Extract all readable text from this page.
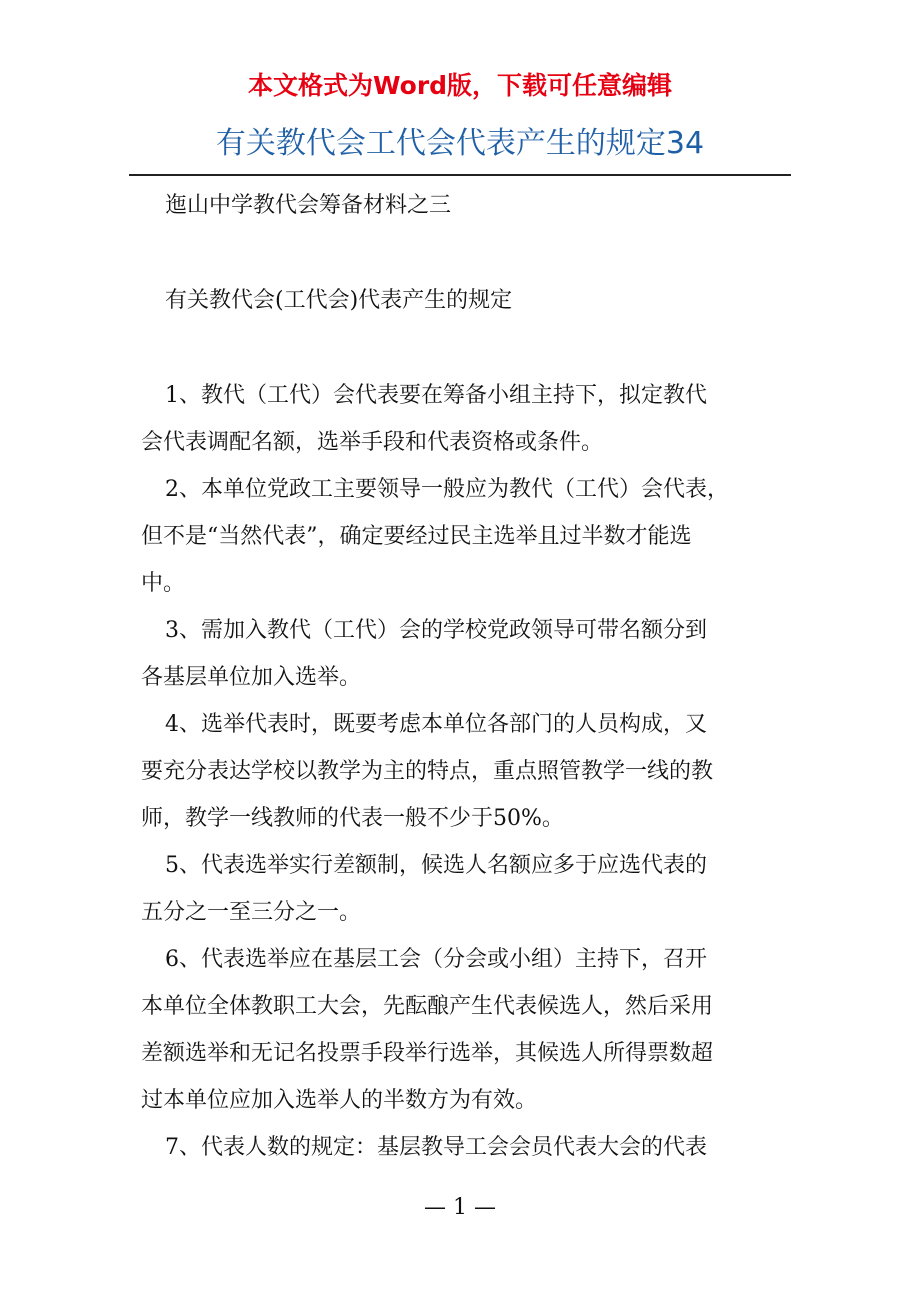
本文格式为Word版，下载可任意编辑
有关教代会工代会代表产生的规定34

迤山中学教代会筹备材料之三

有关教代会(工代会)代表产生的规定

1、教代（工代）会代表要在筹备小组主持下，拟定教代

会代表调配名额，选举手段和代表资格或条件。

2、本单位党政工主要领导一般应为教代（工代）会代表，

但不是“当然代表”，确定要经过民主选举且过半数才能选

中。

3、需加入教代（工代）会的学校党政领导可带名额分到

各基层单位加入选举。

4、选举代表时，既要考虑本单位各部门的人员构成，又

要充分表达学校以教学为主的特点，重点照管教学一线的教

师，教学一线教师的代表一般不少于50%。

5、代表选举实行差额制，候选人名额应多于应选代表的

五分之一至三分之一。

6、代表选举应在基层工会（分会或小组）主持下，召开

本单位全体教职工大会，先酝酿产生代表候选人，然后采用

差额选举和无记名投票手段举行选举，其候选人所得票数超

过本单位应加入选举人的半数方为有效。

7、代表人数的规定：基层教导工会会员代表大会的代表

— 1 —
